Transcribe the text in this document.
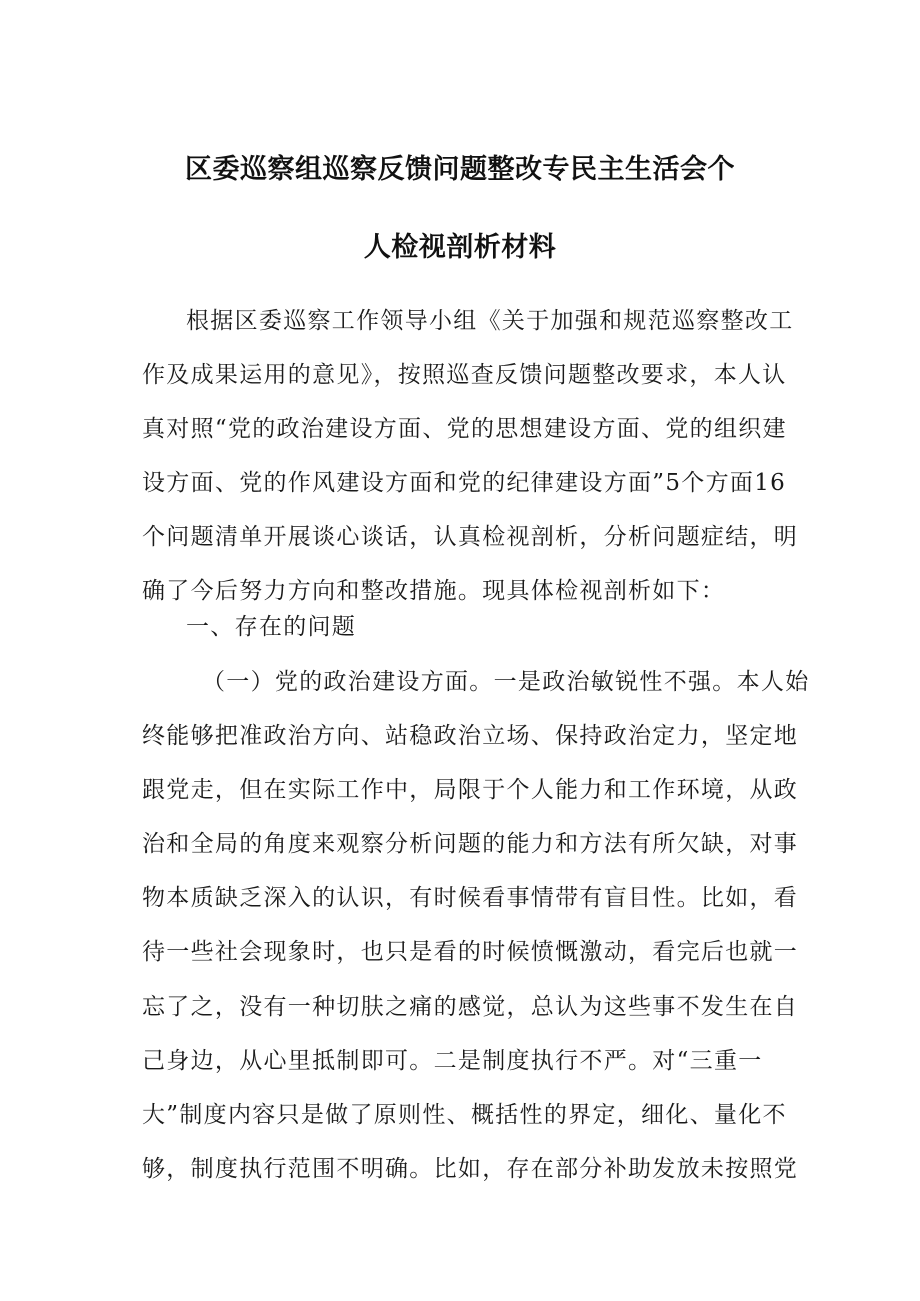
区委巡察组巡察反馈问题整改专民主生活会个
人检视剖析材料
根据区委巡察工作领导小组《关于加强和规范巡察整改工
作及成果运用的意见》，按照巡查反馈问题整改要求，本人认
真对照“党的政治建设方面、党的思想建设方面、党的组织建
设方面、党的作风建设方面和党的纪律建设方面”5个方面16
个问题清单开展谈心谈话，认真检视剖析，分析问题症结，明
确了今后努力方向和整改措施。现具体检视剖析如下：
一、存在的问题
（一）党的政治建设方面。一是政治敏锐性不强。本人始
终能够把准政治方向、站稳政治立场、保持政治定力，坚定地
跟党走，但在实际工作中，局限于个人能力和工作环境，从政
治和全局的角度来观察分析问题的能力和方法有所欠缺，对事
物本质缺乏深入的认识，有时候看事情带有盲目性。比如，看
待一些社会现象时，也只是看的时候愤慨激动，看完后也就一
忘了之，没有一种切肤之痛的感觉，总认为这些事不发生在自
己身边，从心里抵制即可。二是制度执行不严。对“三重一
大”制度内容只是做了原则性、概括性的界定，细化、量化不
够，制度执行范围不明确。比如，存在部分补助发放未按照党
